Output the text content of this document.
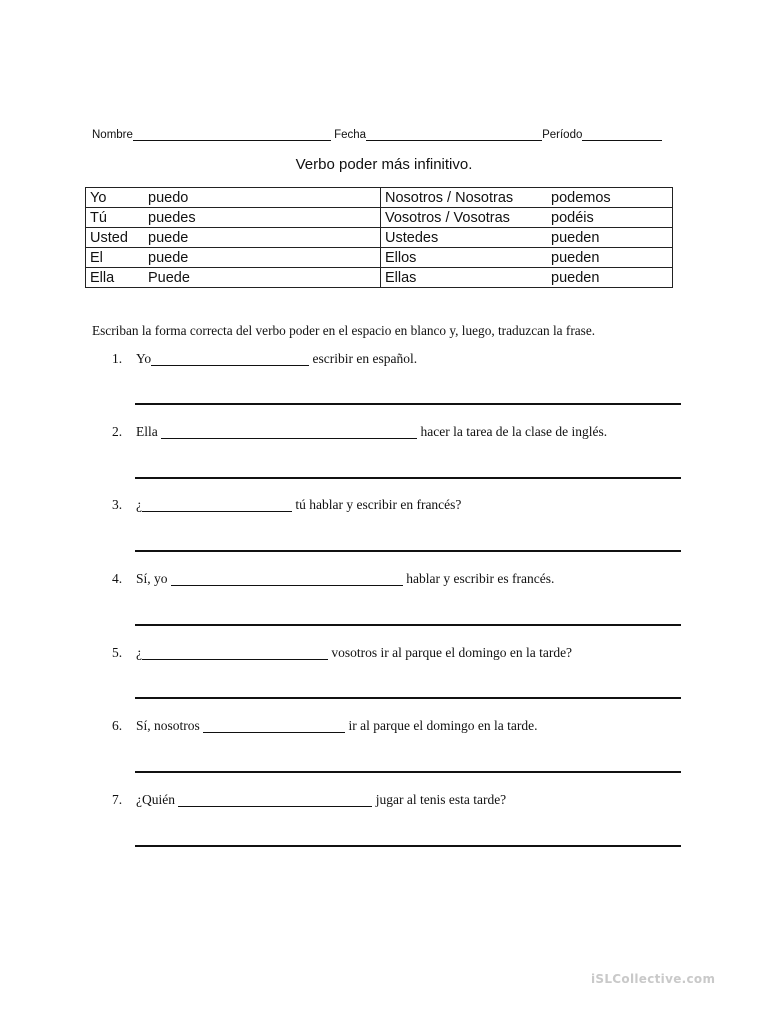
Nombre	Fecha	Período
Verbo poder más infinitivo.
Yo puedo	Nosotros / Nosotras podemos
Tú puedes	Vosotros / Vosotras podéis
Usted puede	Ustedes pueden
El puede	Ellos pueden
Ella Puede	Ellas pueden
Escriban la forma correcta del verbo poder en el espacio en blanco y, luego, traduzcan la frase.
1. Yo	escribir en español.
2. Ella	hacer la tarea de la clase de inglés.
3. ¿	tú hablar y escribir en francés?
4. Sí, yo	hablar y escribir es francés.
5. ¿	vosotros ir al parque el domingo en la tarde?
6. Sí, nosotros	ir al parque el domingo en la tarde.
7. ¿Quién	jugar al tenis esta tarde?
iSLCollective.com
